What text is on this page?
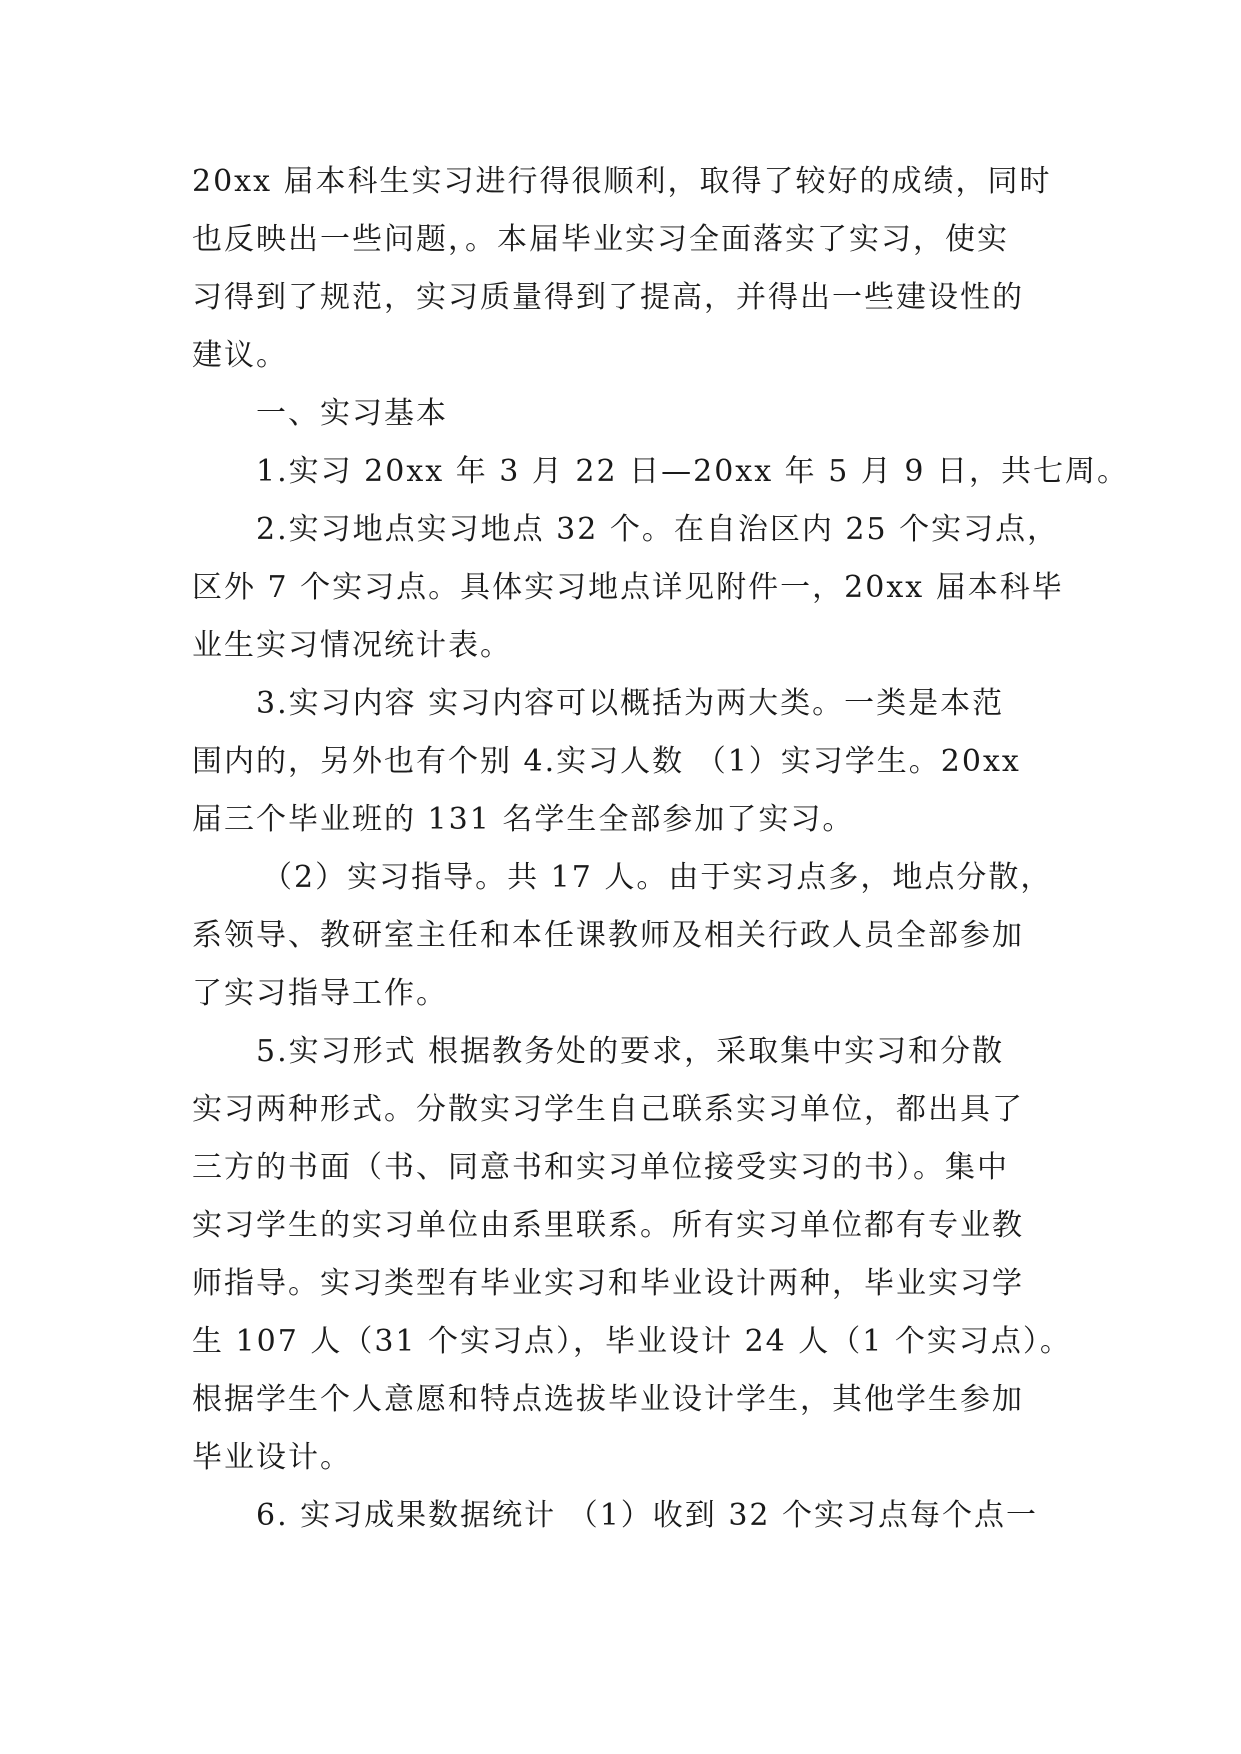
20xx 届本科生实习进行得很顺利，取得了较好的成绩，同时
也反映出一些问题，。本届毕业实习全面落实了实习，使实
习得到了规范，实习质量得到了提高，并得出一些建设性的
建议。
一、实习基本
1.实习 20xx 年 3 月 22 日—20xx 年 5 月 9 日，共七周。
2.实习地点实习地点 32 个。在自治区内 25 个实习点，
区外 7 个实习点。具体实习地点详见附件一，20xx 届本科毕
业生实习情况统计表。
3.实习内容 实习内容可以概括为两大类。一类是本范
围内的，另外也有个别 4.实习人数 （1）实习学生。20xx
届三个毕业班的 131 名学生全部参加了实习。
（2）实习指导。共 17 人。由于实习点多，地点分散，
系领导、教研室主任和本任课教师及相关行政人员全部参加
了实习指导工作。
5.实习形式 根据教务处的要求，采取集中实习和分散
实习两种形式。分散实习学生自己联系实习单位，都出具了
三方的书面（书、同意书和实习单位接受实习的书）。集中
实习学生的实习单位由系里联系。所有实习单位都有专业教
师指导。实习类型有毕业实习和毕业设计两种，毕业实习学
生 107 人（31 个实习点），毕业设计 24 人（1 个实习点）。
根据学生个人意愿和特点选拔毕业设计学生，其他学生参加
毕业设计。
6. 实习成果数据统计 （1）收到 32 个实习点每个点一
